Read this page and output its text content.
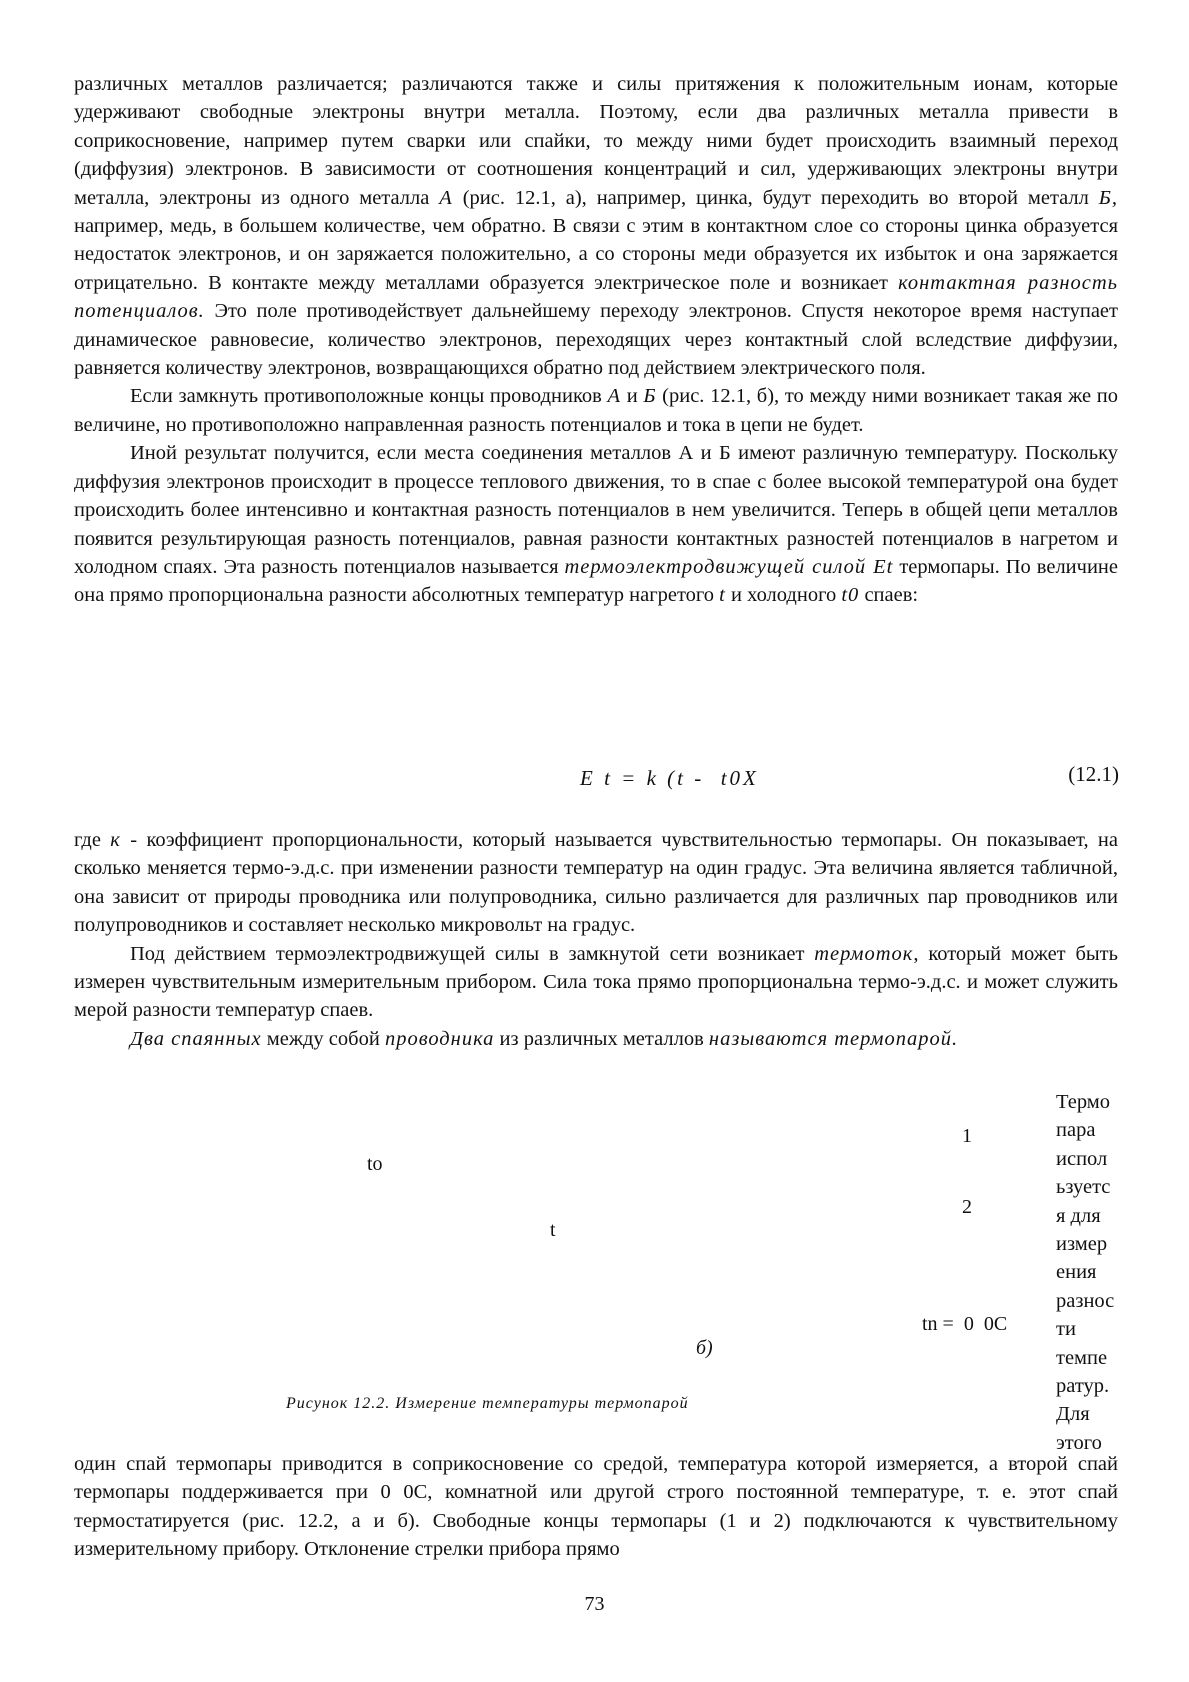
различных металлов различается; различаются также и силы притяжения к положительным ионам, которые удерживают свободные электроны внутри металла. Поэтому, если два различных металла привести в соприкосновение, например путем сварки или спайки, то между ними будет происходить взаимный переход (диффузия) электронов. В зависимости от соотношения концентраций и сил, удерживающих электроны внутри металла, электроны из одного металла А (рис. 12.1, а), например, цинка, будут переходить во второй металл Б, например, медь, в большем количестве, чем обратно. В связи с этим в контактном слое со стороны цинка образуется недостаток электронов, и он заряжается положительно, а со стороны меди образуется их избыток и она заряжается отрицательно. В контакте между металлами образуется электрическое поле и возникает контактная разность потенциалов. Это поле противодействует дальнейшему переходу электронов. Спустя некоторое время наступает динамическое равновесие, количество электронов, переходящих через контактный слой вследствие диффузии, равняется количеству электронов, возвращающихся обратно под действием электрического поля.

Если замкнуть противоположные концы проводников А и Б (рис. 12.1, б), то между ними возникает такая же по величине, но противоположно направленная разность потенциалов и тока в цепи не будет.

Иной результат получится, если места соединения металлов А и Б имеют различную температуру. Поскольку диффузия электронов происходит в процессе теплового движения, то в спае с более высокой температурой она будет происходить более интенсивно и контактная разность потенциалов в нем увеличится. Теперь в общей цепи металлов появится результирующая разность потенциалов, равная разности контактных разностей потенциалов в нагретом и холодном спаях. Эта разность потенциалов называется термоэлектродвижущей силой Et термопары. По величине она прямо пропорциональна разности абсолютных температур нагретого t и холодного t0 спаев:

E t = k (t -  t0X	(12.1)

где к - коэффициент пропорциональности, который называется чувствительностью термопары. Он показывает, на сколько меняется термо-э.д.с. при изменении разности температур на один градус. Эта величина является табличной, она зависит от природы проводника или полупроводника, сильно различается для различных пар проводников или полупроводников и составляет несколько микровольт на градус.

Под действием термоэлектродвижущей силы в замкнутой сети возникает термоток, который может быть измерен чувствительным измерительным прибором. Сила тока прямо пропорциональна термо-э.д.с. и может служить мерой разности температур спаев.

Два спаянных между собой проводника из различных металлов называются термопарой.

to
t
1
2
tn =  0  0C
б)
Рисунок 12.2. Измерение температуры термопарой
Термо
пара
испол
ьзуетс
я для
измер
ения
разнос
ти
темпе
ратур.
Для
этого

один спай термопары приводится в соприкосновение со средой, температура которой измеряется, а второй спай термопары поддерживается при 0 0С, комнатной или другой строго постоянной температуре, т. е. этот спай термостатируется (рис. 12.2, а и б). Свободные концы термопары (1 и 2) подключаются к чувствительному измерительному прибору. Отклонение стрелки прибора прямо

73
